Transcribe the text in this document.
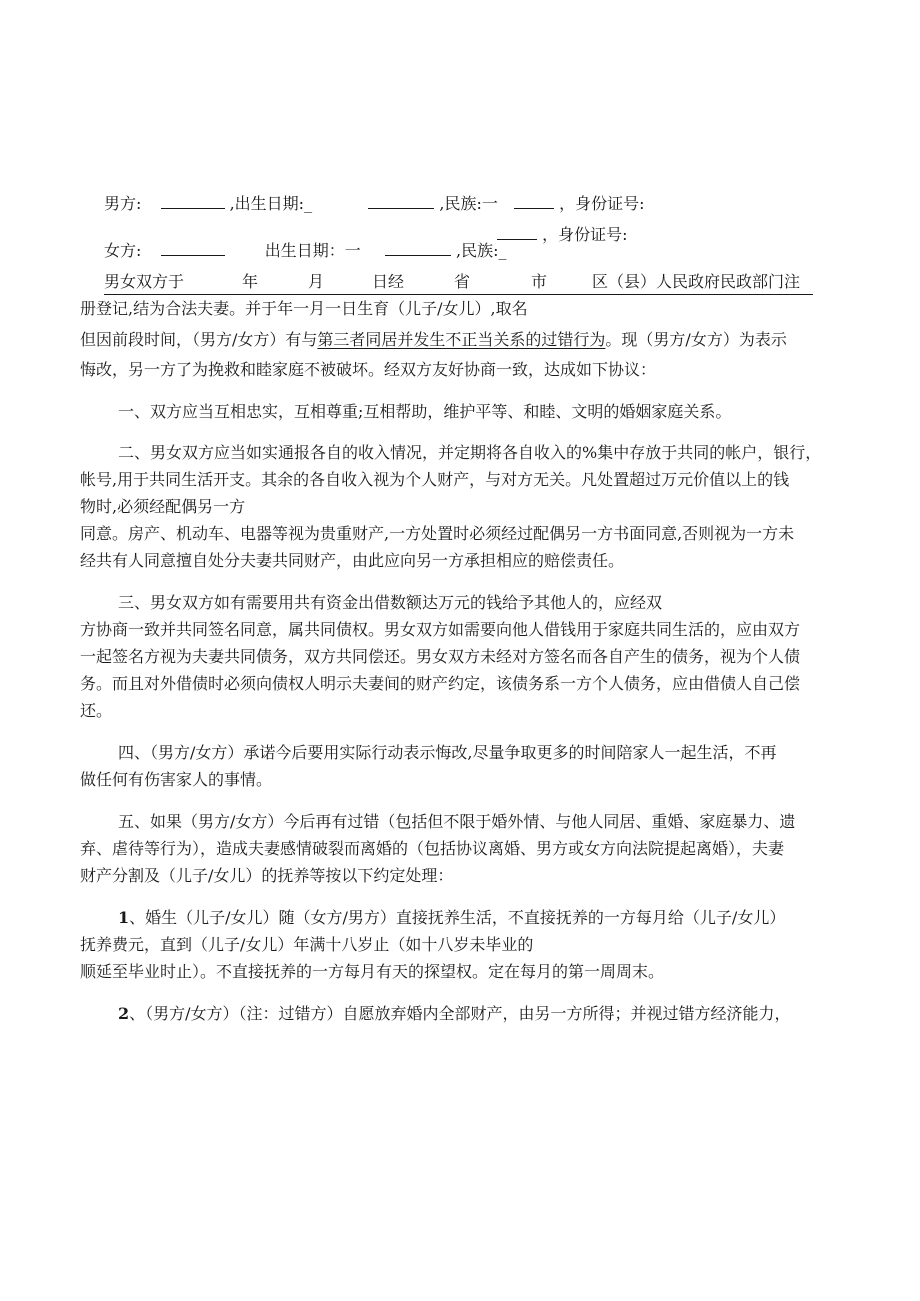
男方:	,出生日期:_	,民族:一	，身份证号:
，身份证号:
女方:	出生日期：一	,民族:_
男女双方于	年	月	日经	省	市	区（县）人民政府民政部门注
册登记,结为合法夫妻。并于年一月一日生育（儿子/女儿）,取名
但因前段时间，（男方/女方）有与第三者同居并发生不正当关系的过错行为。现（男方/女方）为表示
悔改，另一方了为挽救和睦家庭不被破坏。经双方友好协商一致，达成如下协议：
一、双方应当互相忠实，互相尊重;互相帮助，维护平等、和睦、文明的婚姻家庭关系。
二、男女双方应当如实通报各自的收入情况，并定期将各自收入的%集中存放于共同的帐户，银行，
帐号,用于共同生活开支。其余的各自收入视为个人财产，与对方无关。凡处置超过万元价值以上的钱
物时,必须经配偶另一方
同意。房产、机动车、电器等视为贵重财产,一方处置时必须经过配偶另一方书面同意,否则视为一方未
经共有人同意擅自处分夫妻共同财产，由此应向另一方承担相应的赔偿责任。
三、男女双方如有需要用共有资金出借数额达万元的钱给予其他人的，应经双
方协商一致并共同签名同意，属共同债权。男女双方如需要向他人借钱用于家庭共同生活的，应由双方
一起签名方视为夫妻共同债务，双方共同偿还。男女双方未经对方签名而各自产生的债务，视为个人债
务。而且对外借债时必须向债权人明示夫妻间的财产约定，该债务系一方个人债务，应由借债人自己偿
还。
四、（男方/女方）承诺今后要用实际行动表示悔改,尽量争取更多的时间陪家人一起生活，不再
做任何有伤害家人的事情。
五、如果（男方/女方）今后再有过错（包括但不限于婚外情、与他人同居、重婚、家庭暴力、遗
弃、虐待等行为），造成夫妻感情破裂而离婚的（包括协议离婚、男方或女方向法院提起离婚），夫妻
财产分割及（儿子/女儿）的抚养等按以下约定处理：
1、婚生（儿子/女儿）随（女方/男方）直接抚养生活，不直接抚养的一方每月给（儿子/女儿）
抚养费元，直到（儿子/女儿）年满十八岁止（如十八岁未毕业的
顺延至毕业时止）。不直接抚养的一方每月有天的探望权。定在每月的第一周周末。
2、（男方/女方）（注：过错方）自愿放弃婚内全部财产，由另一方所得；并视过错方经济能力，
